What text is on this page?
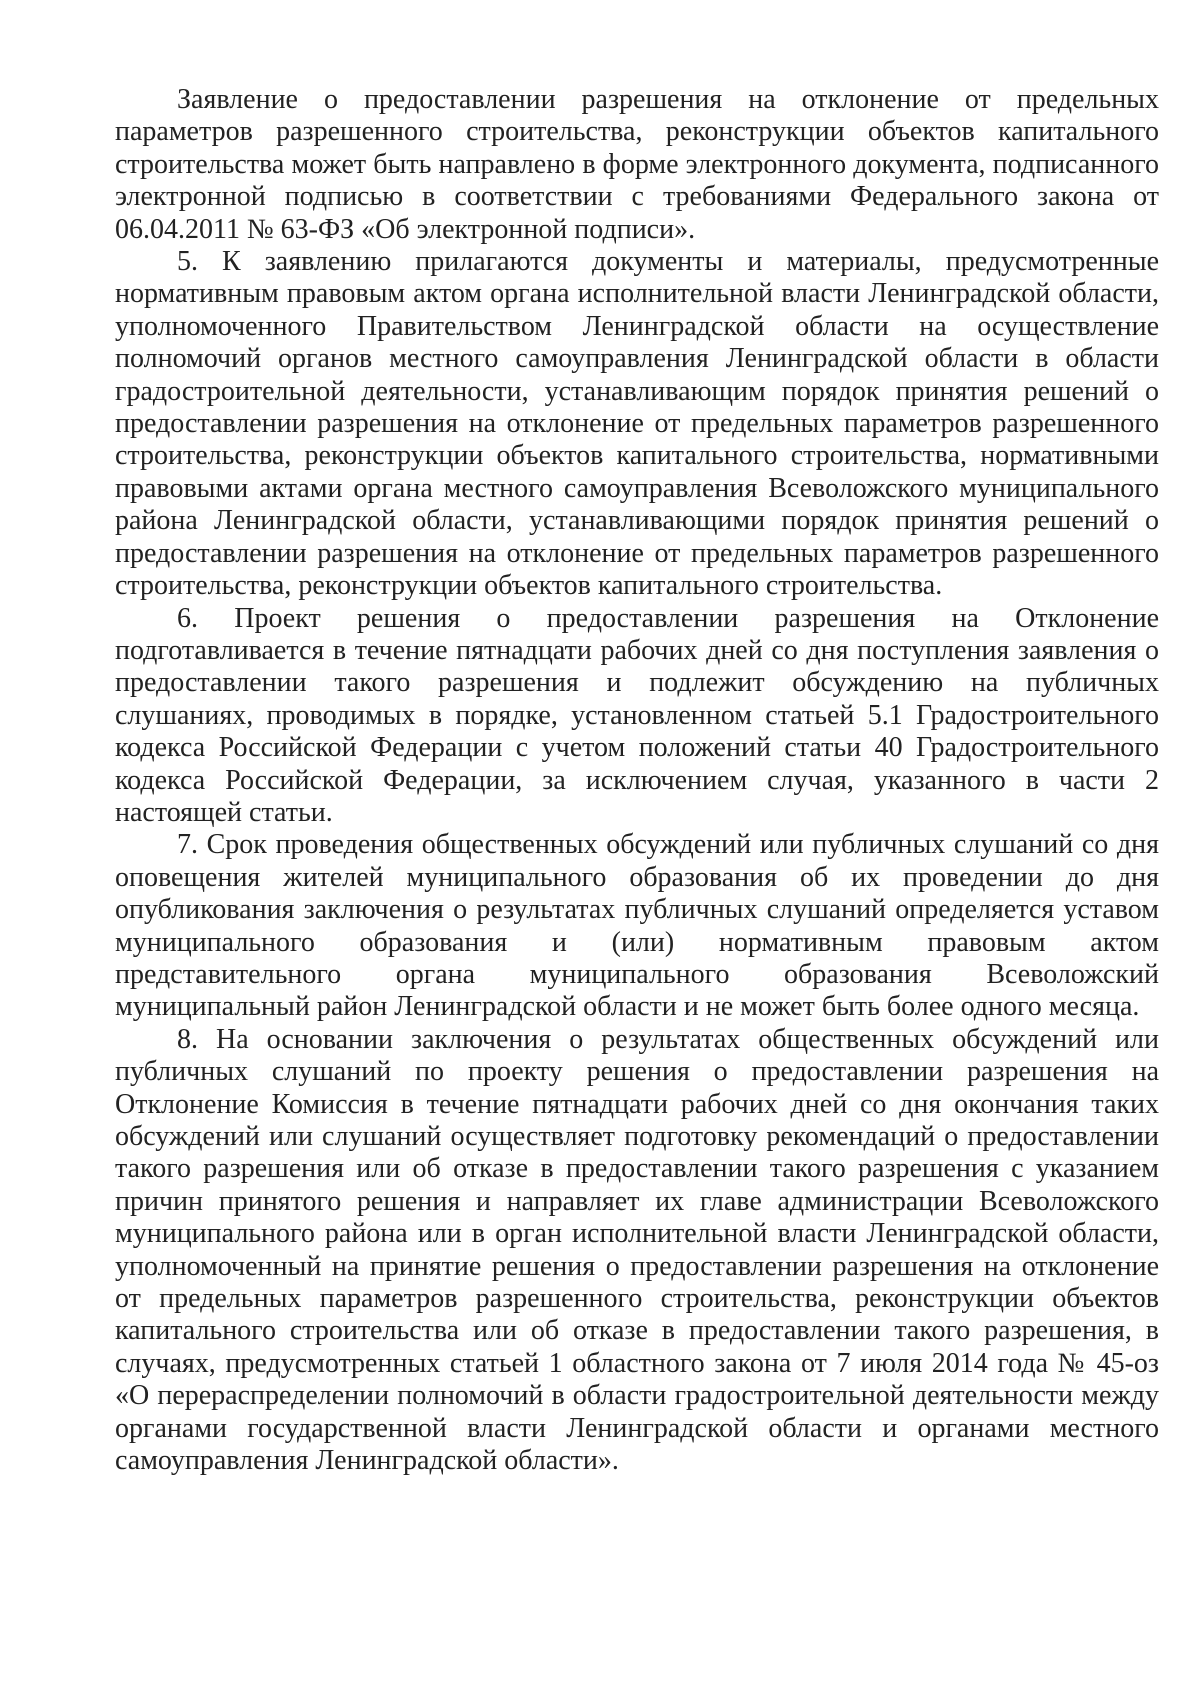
Заявление о предоставлении разрешения на отклонение от предельных параметров разрешенного строительства, реконструкции объектов капитального строительства может быть направлено в форме электронного документа, подписанного электронной подписью в соответствии с требованиями Федерального закона от 06.04.2011 № 63-ФЗ «Об электронной подписи».

5. К заявлению прилагаются документы и материалы, предусмотренные нормативным правовым актом органа исполнительной власти Ленинградской области, уполномоченного Правительством Ленинградской области на осуществление полномочий органов местного самоуправления Ленинградской области в области градостроительной деятельности, устанавливающим порядок принятия решений о предоставлении разрешения на отклонение от предельных параметров разрешенного строительства, реконструкции объектов капитального строительства, нормативными правовыми актами органа местного самоуправления Всеволожского муниципального района Ленинградской области, устанавливающими порядок принятия решений о предоставлении разрешения на отклонение от предельных параметров разрешенного строительства, реконструкции объектов капитального строительства.

6. Проект решения о предоставлении разрешения на Отклонение подготавливается в течение пятнадцати рабочих дней со дня поступления заявления о предоставлении такого разрешения и подлежит обсуждению на публичных слушаниях, проводимых в порядке, установленном статьей 5.1 Градостроительного кодекса Российской Федерации с учетом положений статьи 40 Градостроительного кодекса Российской Федерации, за исключением случая, указанного в части 2 настоящей статьи.

7. Срок проведения общественных обсуждений или публичных слушаний со дня оповещения жителей муниципального образования об их проведении до дня опубликования заключения о результатах публичных слушаний определяется уставом муниципального образования и (или) нормативным правовым актом представительного органа муниципального образования Всеволожский муниципальный район Ленинградской области и не может быть более одного месяца.

8. На основании заключения о результатах общественных обсуждений или публичных слушаний по проекту решения о предоставлении разрешения на Отклонение Комиссия в течение пятнадцати рабочих дней со дня окончания таких обсуждений или слушаний осуществляет подготовку рекомендаций о предоставлении такого разрешения или об отказе в предоставлении такого разрешения с указанием причин принятого решения и направляет их главе администрации Всеволожского муниципального района или в орган исполнительной власти Ленинградской области, уполномоченный на принятие решения о предоставлении разрешения на отклонение от предельных параметров разрешенного строительства, реконструкции объектов капитального строительства или об отказе в предоставлении такого разрешения, в случаях, предусмотренных статьей 1 областного закона от 7 июля 2014 года № 45-оз «О перераспределении полномочий в области градостроительной деятельности между органами государственной власти Ленинградской области и органами местного самоуправления Ленинградской области».
